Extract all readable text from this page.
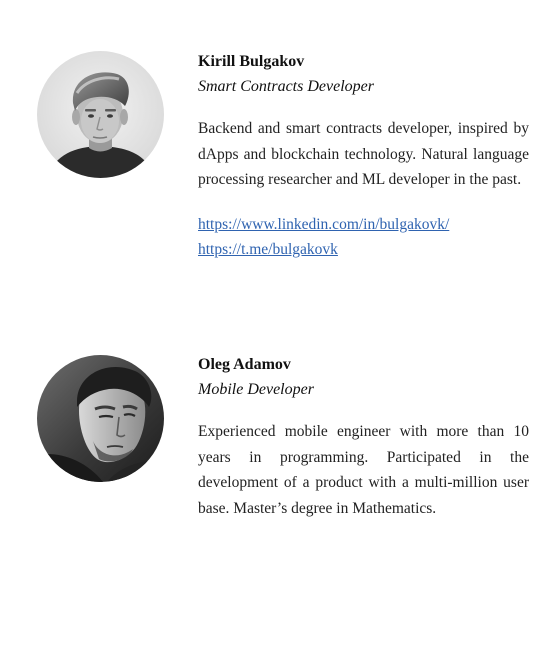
Kirill Bulgakov

Smart Contracts Developer

Backend and smart contracts developer, inspired by dApps and blockchain technology. Natural language processing researcher and ML developer in the past.

https://www.linkedin.com/in/bulgakovk/
https://t.me/bulgakovk

Oleg Adamov

Mobile Developer

Experienced mobile engineer with more than 10 years in programming. Participated in the development of a product with a multi-million user base. Master’s degree in Mathematics.
